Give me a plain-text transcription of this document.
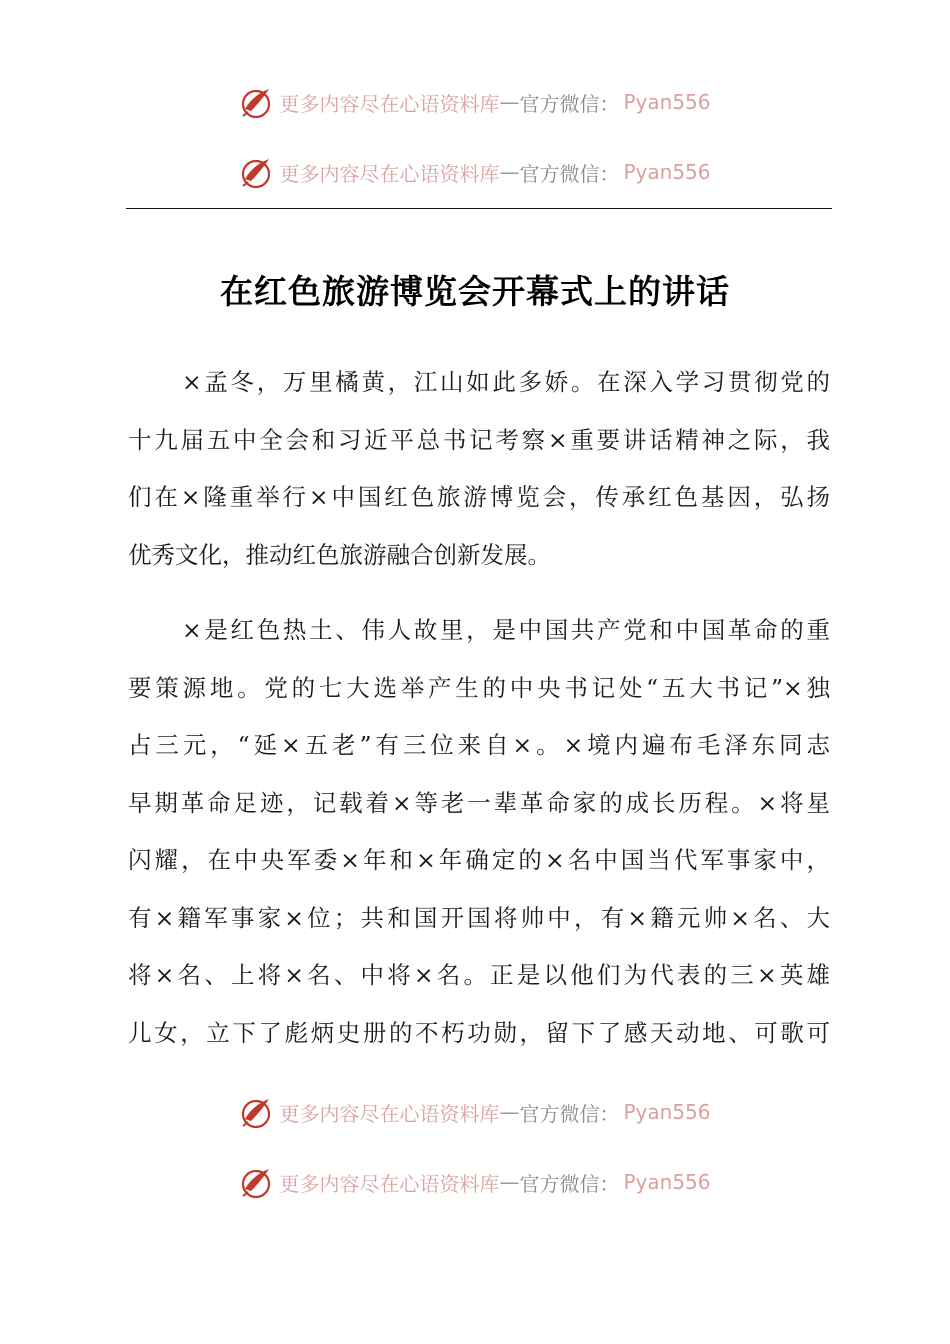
更多内容尽在心语资料库 — 官方微信： Pyan556
更多内容尽在心语资料库 — 官方微信： Pyan556
在红色旅游博览会开幕式上的讲话
×孟冬，万里橘黄，江山如此多娇。在深入学习贯彻党的
十九届五中全会和习近平总书记考察×重要讲话精神之际，我
们在×隆重举行×中国红色旅游博览会，传承红色基因，弘扬
优秀文化，推动红色旅游融合创新发展。
×是红色热土、伟人故里，是中国共产党和中国革命的重
要策源地。党的七大选举产生的中央书记处“五大书记”×独
占三元，“延×五老”有三位来自×。×境内遍布毛泽东同志
早期革命足迹，记载着×等老一辈革命家的成长历程。×将星
闪耀，在中央军委×年和×年确定的×名中国当代军事家中，
有×籍军事家×位；共和国开国将帅中，有×籍元帅×名、大
将×名、上将×名、中将×名。正是以他们为代表的三×英雄
儿女，立下了彪炳史册的不朽功勋，留下了感天动地、可歌可
更多内容尽在心语资料库 — 官方微信： Pyan556
更多内容尽在心语资料库 — 官方微信： Pyan556
